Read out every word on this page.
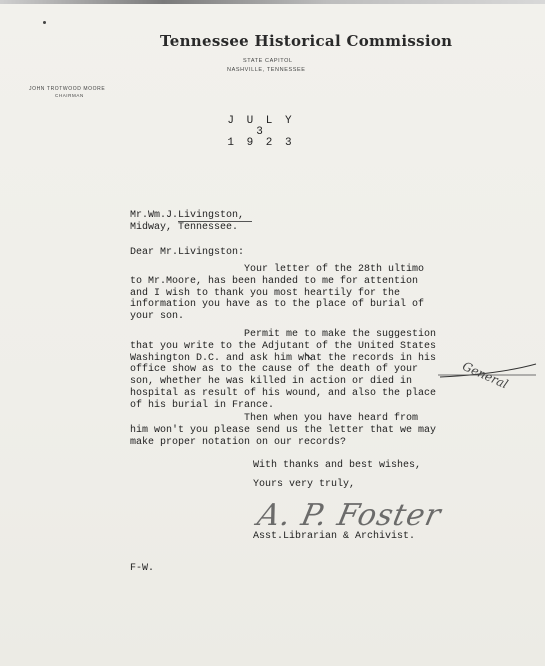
Tennessee Historical Commission
STATE CAPITOL
NASHVILLE, TENNESSEE
JOHN TROTWOOD MOORE
CHAIRMAN
J U L Y
3
1 9 2 3
Mr.Wm.J.Livingston,
Midway, Tennessee.
Dear Mr.Livingston:
Your letter of the 28th ultimo
to Mr.Moore, has been handed to me for attention
and I wish to thank you most heartily for the
information you have as to the place of burial of
your son.
Permit me to make the suggestion
that you write to the Adjutant of the United States
Washington D.C. and ask him what the records in his
office show as to the cause of the death of your
son, whether he was killed in action or died in
hospital as result of his wound, and also the place
of his burial in France.
General
Then when you have heard from
him won't you please send us the letter that we may
make proper notation on our records?
With thanks and best wishes,
Yours very truly,
A. P. Foster
Asst.Librarian & Archivist.
F-W.
